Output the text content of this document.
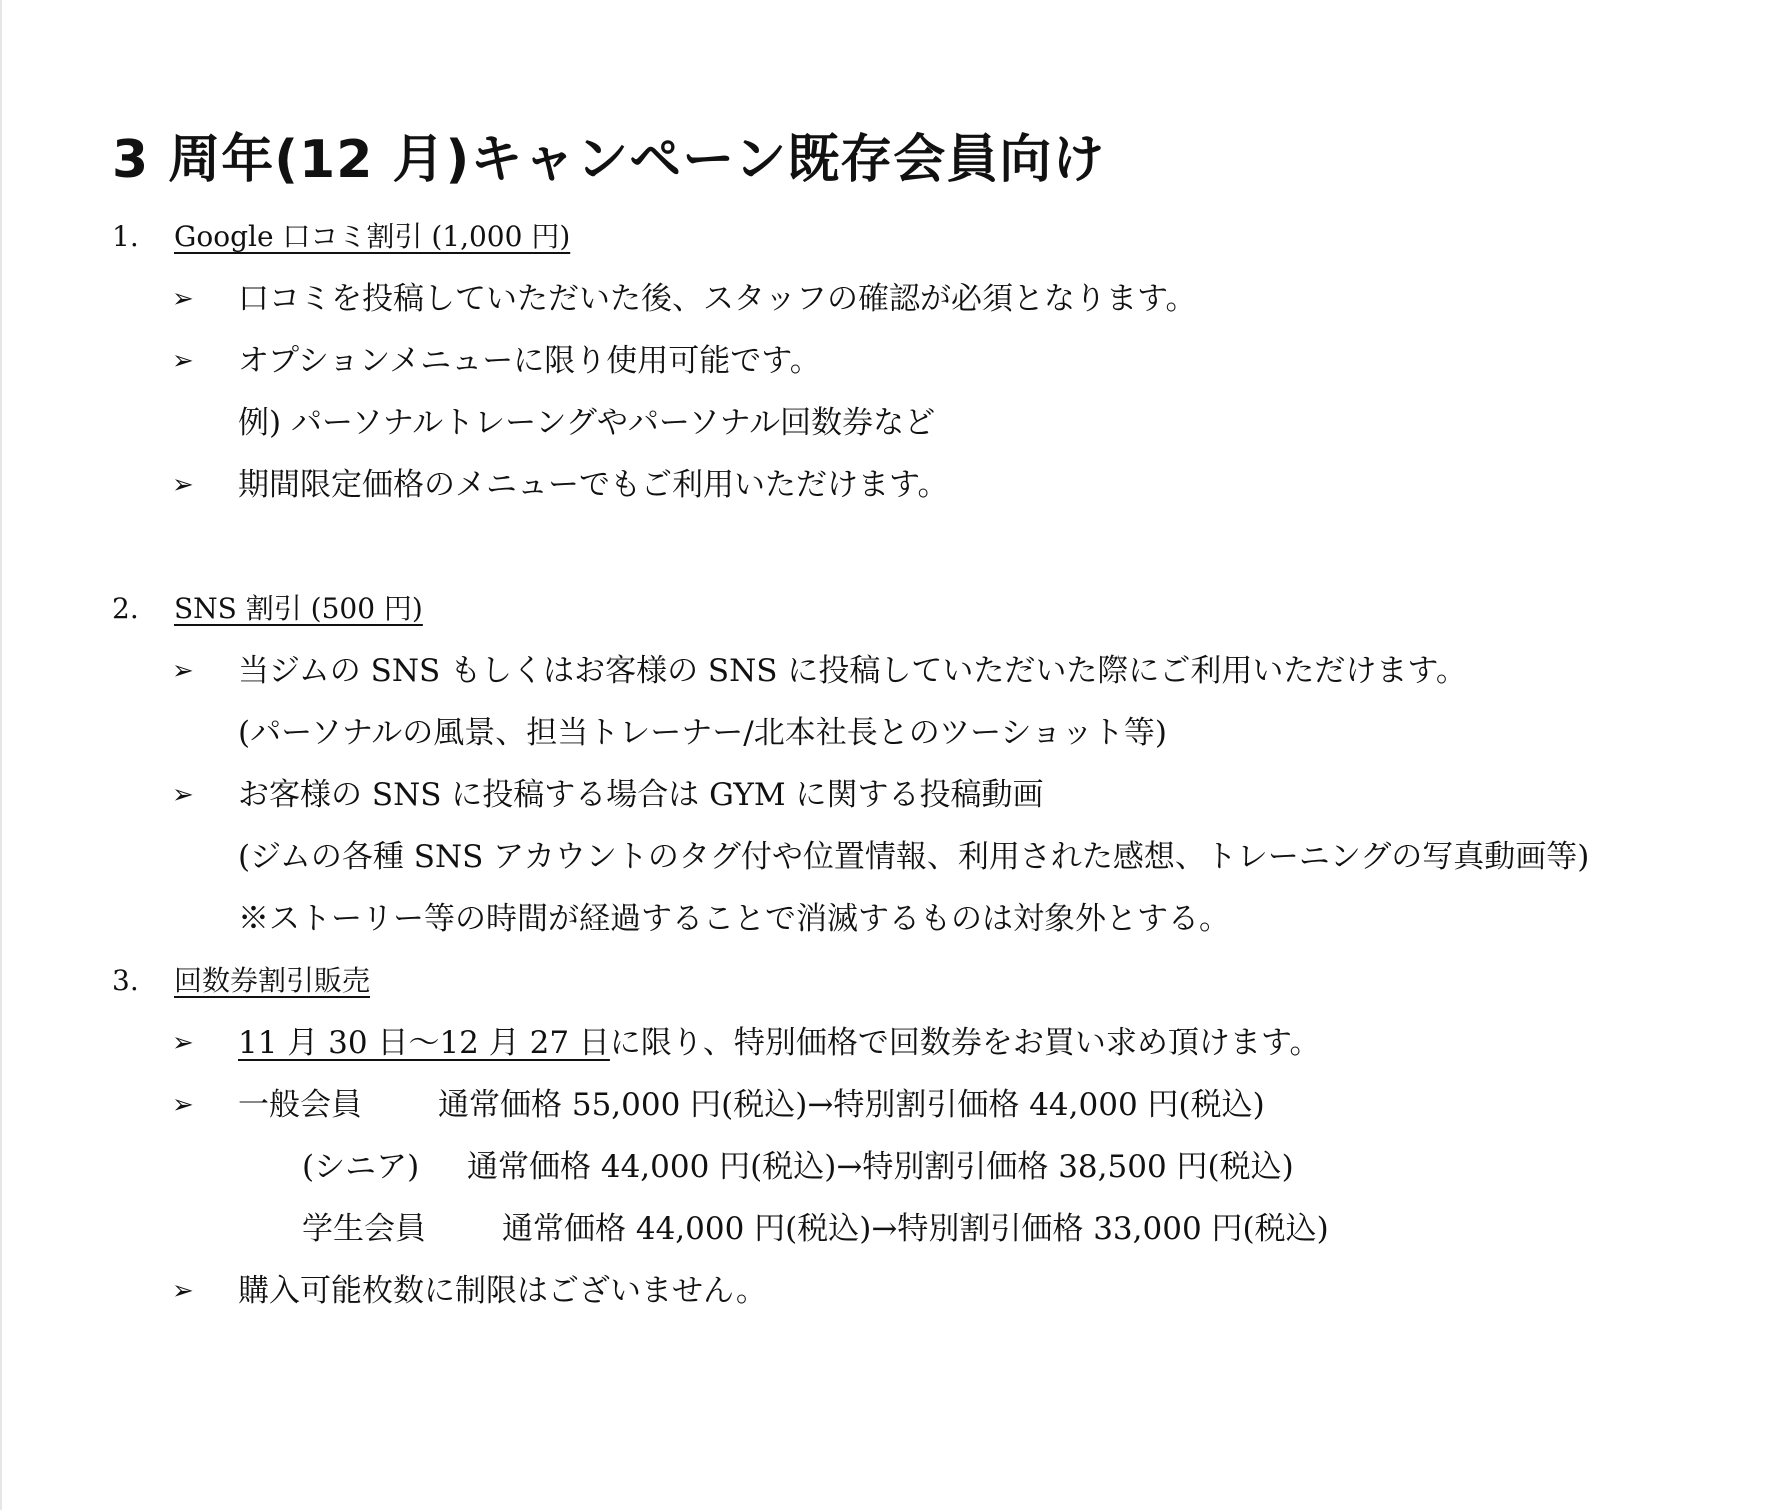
3 周年(12 月)キャンペーン既存会員向け
1. Google 口コミ割引 (1,000 円)
➢ 口コミを投稿していただいた後、スタッフの確認が必須となります。
➢ オプションメニューに限り使用可能です。
例) パーソナルトレーングやパーソナル回数券など
➢ 期間限定価格のメニューでもご利用いただけます。
2. SNS 割引 (500 円)
➢ 当ジムの SNS もしくはお客様の SNS に投稿していただいた際にご利用いただけます。
(パーソナルの風景、担当トレーナー/北本社長とのツーショット等)
➢ お客様の SNS に投稿する場合は GYM に関する投稿動画
(ジムの各種 SNS アカウントのタグ付や位置情報、利用された感想、トレーニングの写真動画等)
※ストーリー等の時間が経過することで消滅するものは対象外とする。
3. 回数券割引販売
➢ 11 月 30 日〜12 月 27 日に限り、特別価格で回数券をお買い求め頂けます。
➢ 一般会員 通常価格 55,000 円(税込)→特別割引価格 44,000 円(税込)
(シニア) 通常価格 44,000 円(税込)→特別割引価格 38,500 円(税込)
学生会員 通常価格 44,000 円(税込)→特別割引価格 33,000 円(税込)
➢ 購入可能枚数に制限はございません。
